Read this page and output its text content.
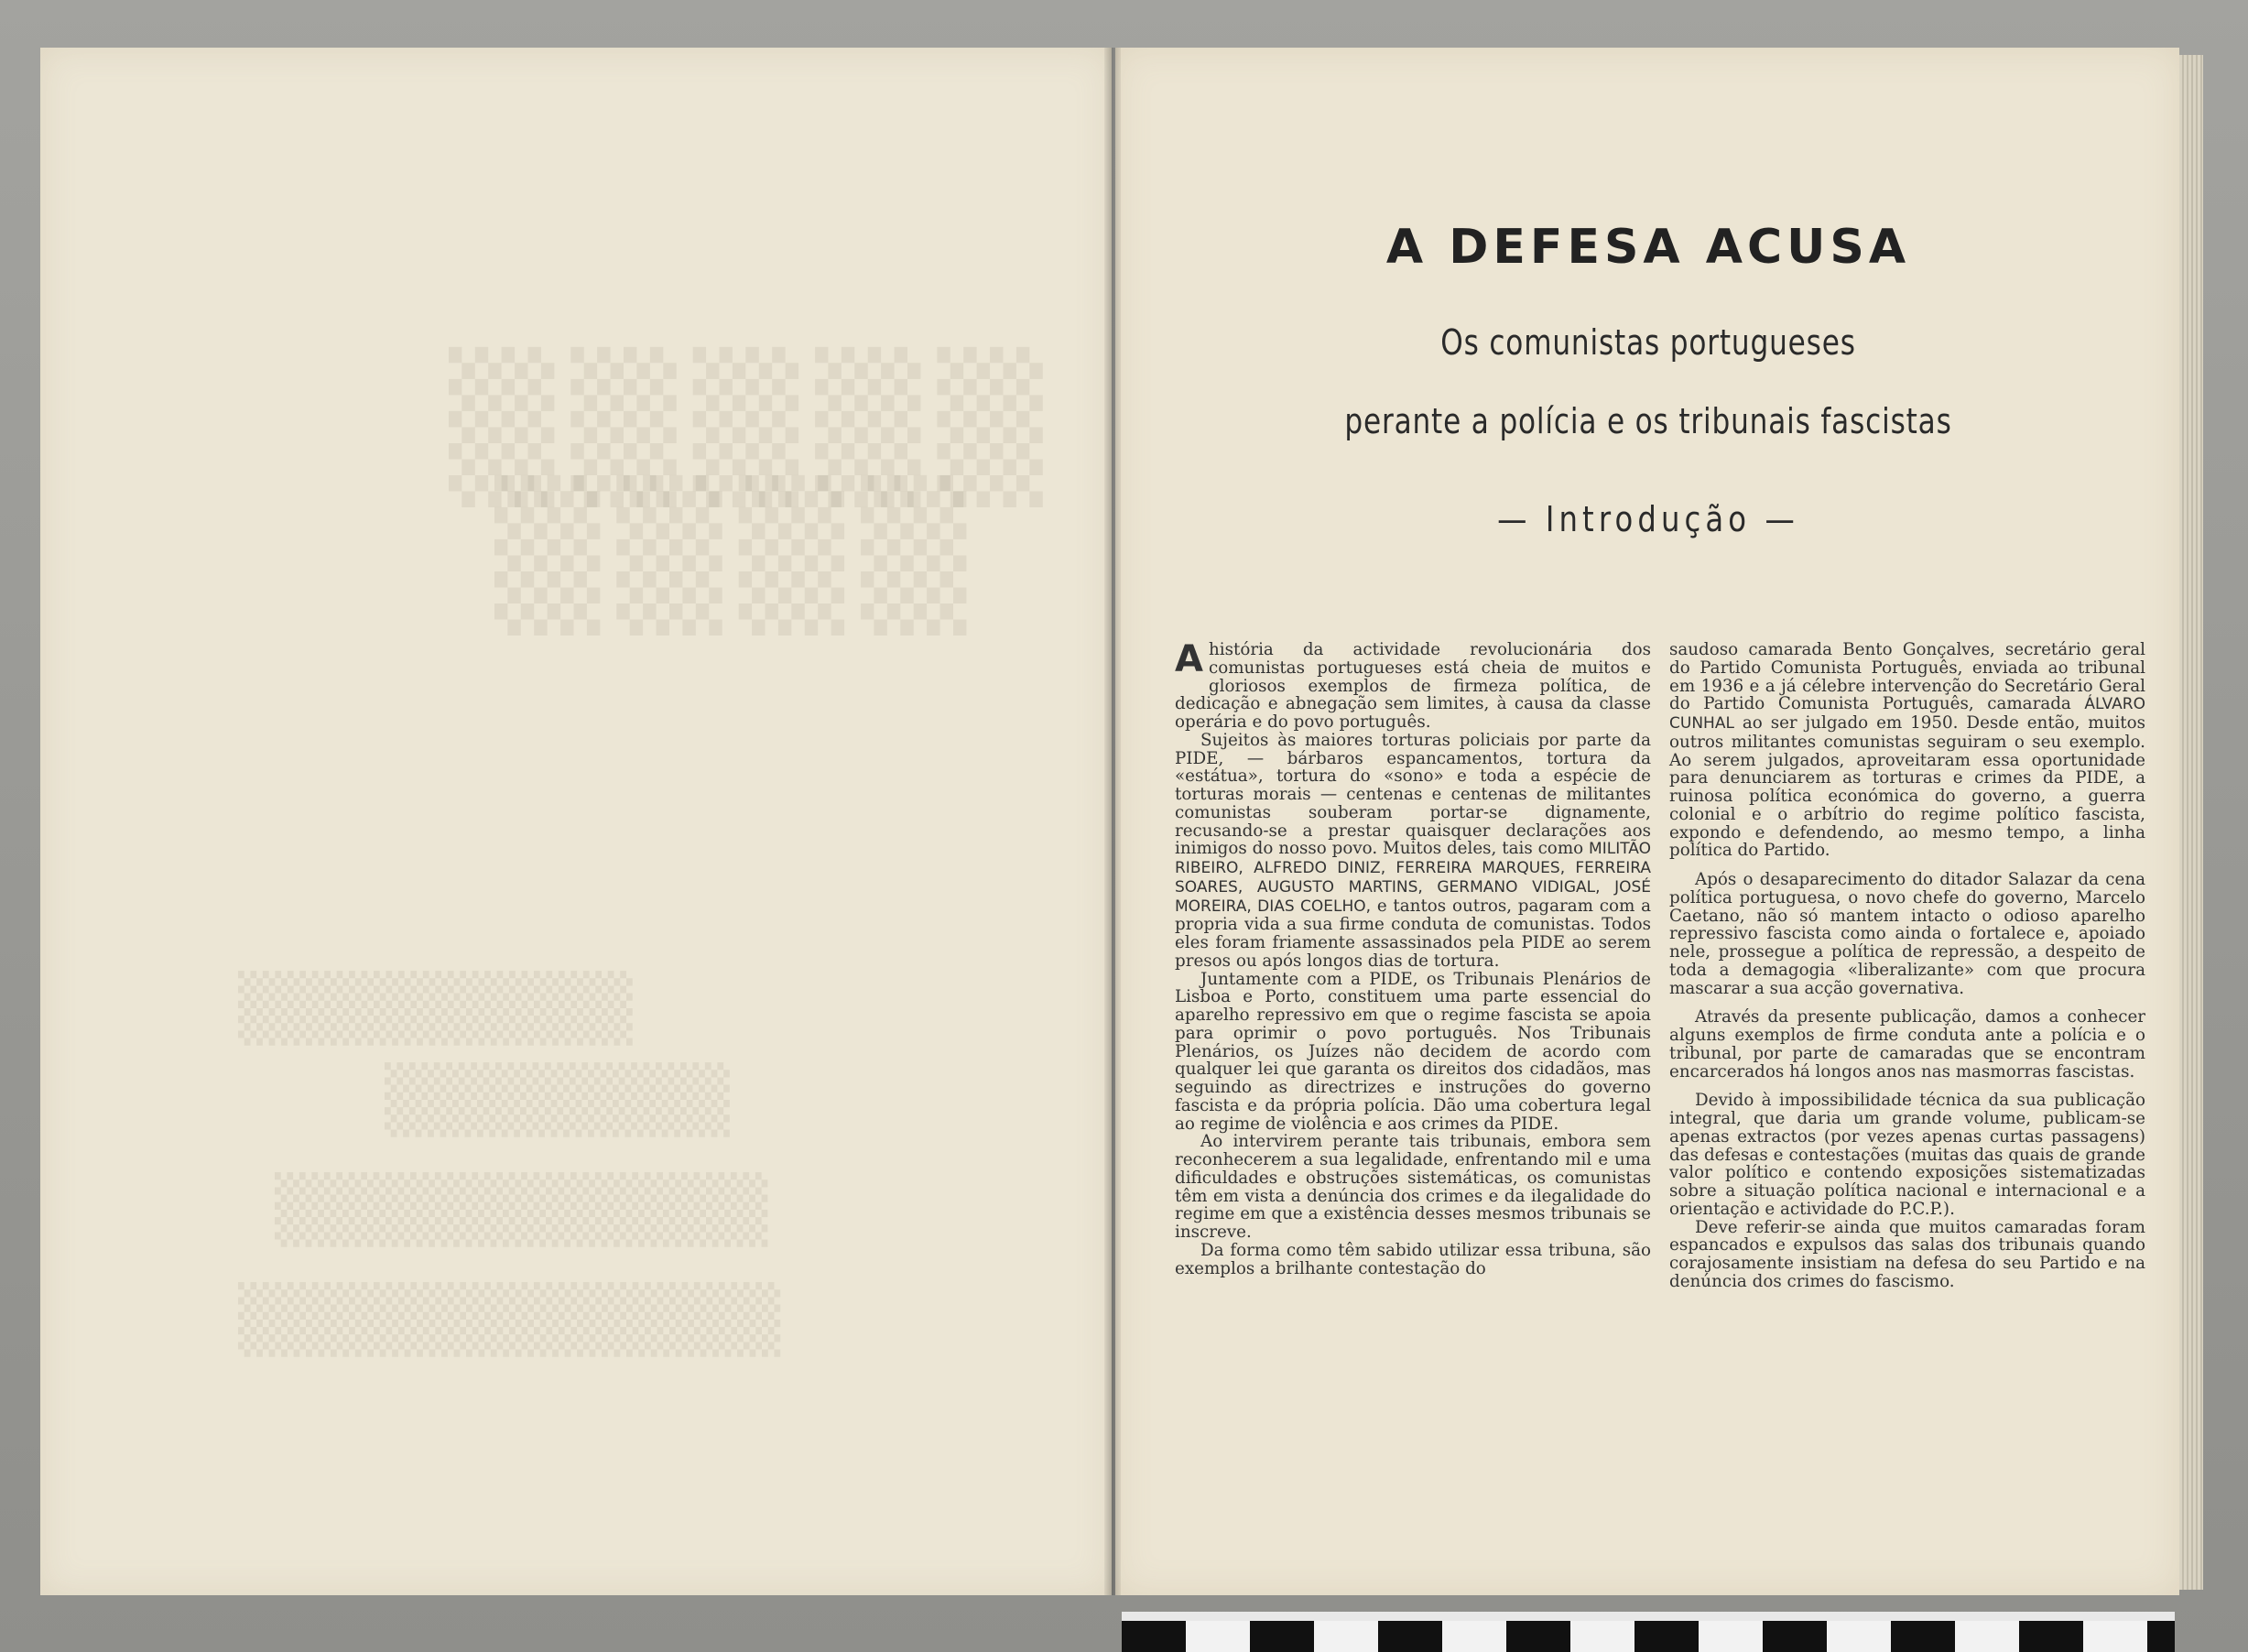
▒▒▒▒▒
▒▒▒▒
▒▒▒▒▒▒▒▒
▒▒▒▒▒▒▒
▒▒▒▒▒▒▒▒▒▒
▒▒▒▒▒▒▒▒▒▒▒
A DEFESA ACUSA
Os comunistas portugueses
perante a polícia e os tribunais fascistas
— Introdução —

Ahistória da actividade revolucionária dos comunistas portugueses está cheia de muitos e gloriosos exemplos de firmeza política, de dedicação e abnegação sem limites, à causa da classe operária e do povo português.

Sujeitos às maiores torturas policiais por parte da PIDE, — bárbaros espancamentos, tortura da «estátua», tortura do «sono» e toda a espécie de torturas morais — centenas e centenas de militantes comunistas souberam portar-se dignamente, recusando-se a prestar quaisquer declarações aos inimigos do nosso povo. Muitos deles, tais como MILITÃO RIBEIRO, ALFREDO DINIZ, FERREIRA MARQUES, FERREIRA SOARES, AUGUSTO MARTINS, GERMANO VIDIGAL, JOSÉ MOREIRA, DIAS COELHO, e tantos outros, pagaram com a propria vida a sua firme conduta de comunistas. Todos eles foram friamente assassinados pela PIDE ao serem presos ou após longos dias de tortura.

Juntamente com a PIDE, os Tribunais Plenários de Lisboa e Porto, constituem uma parte essencial do aparelho repressivo em que o regime fascista se apoia para oprimir o povo português. Nos Tribunais Plenários, os Juízes não decidem de acordo com qualquer lei que garanta os direitos dos cidadãos, mas seguindo as directrizes e instruções do governo fascista e da própria polícia. Dão uma cobertura legal ao regime de violência e aos crimes da PIDE.

Ao intervirem perante tais tribunais, embora sem reconhecerem a sua legalidade, enfrentando mil e uma dificuldades e obstruções sistemáticas, os comunistas têm em vista a denúncia dos crimes e da ilegalidade do regime em que a existência desses mesmos tribunais se inscreve.

Da forma como têm sabido utilizar essa tribuna, são exemplos a brilhante contestação do

saudoso camarada Bento Gonçalves, secretário geral do Partido Comunista Português, enviada ao tribunal em 1936 e a já célebre intervenção do Secretário Geral do Partido Comunista Português, camarada ÁLVARO CUNHAL ao ser julgado em 1950. Desde então, muitos outros militantes comunistas seguiram o seu exemplo. Ao serem julgados, aproveitaram essa oportunidade para denunciarem as torturas e crimes da PIDE, a ruinosa política económica do governo, a guerra colonial e o arbítrio do regime político fascista, expondo e defendendo, ao mesmo tempo, a linha política do Partido.

Após o desaparecimento do ditador Salazar da cena política portuguesa, o novo chefe do governo, Marcelo Caetano, não só mantem intacto o odioso aparelho repressivo fascista como ainda o fortalece e, apoiado nele, prossegue a política de repressão, a despeito de toda a demagogia «liberalizante» com que procura mascarar a sua acção governativa.

Através da presente publicação, damos a conhecer alguns exemplos de firme conduta ante a polícia e o tribunal, por parte de camaradas que se encontram encarcerados há longos anos nas masmorras fascistas.

Devido à impossibilidade técnica da sua publicação integral, que daria um grande volume, publicam-se apenas extractos (por vezes apenas curtas passagens) das defesas e contestações (muitas das quais de grande valor político e contendo exposições sistematizadas sobre a situação política nacional e internacional e a orientação e actividade do P.C.P.).

Deve referir-se ainda que muitos camaradas foram espancados e expulsos das salas dos tribunais quando corajosamente insistiam na defesa do seu Partido e na denúncia dos crimes do fascismo.
